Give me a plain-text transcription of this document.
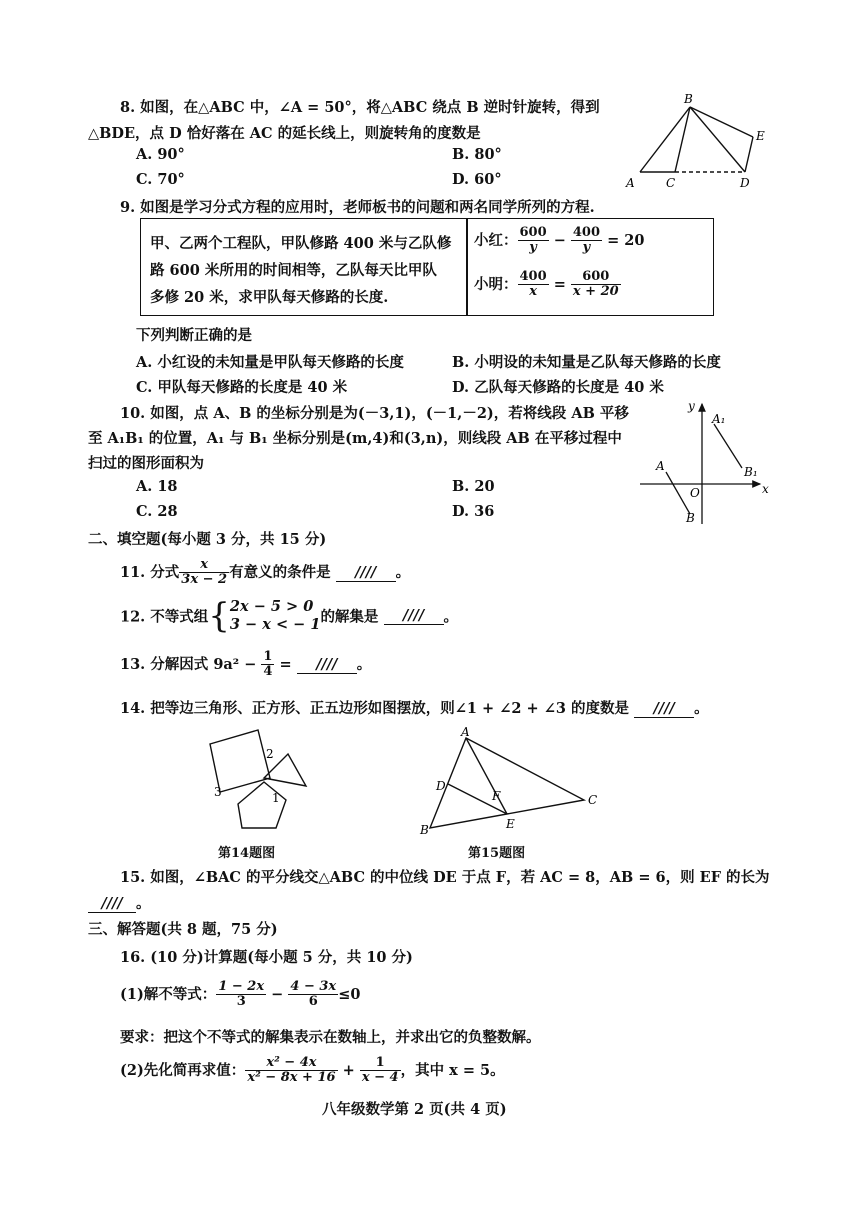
8. 如图，在△ABC 中，∠A = 50°，将△ABC 绕点 B 逆时针旋转，得到
△BDE，点 D 恰好落在 AC 的延长线上，则旋转角的度数是
A. 90°	B. 80°
C. 70°	D. 60°
B
E
A	C	D
9. 如图是学习分式方程的应用时，老师板书的问题和两名同学所列的方程.
甲、乙两个工程队，甲队修路 400 米与乙队修
路 600 米所用的时间相等，乙队每天比甲队
多修 20 米，求甲队每天修路的长度.
小红： $\frac{600}{y} - \frac{400}{y} = 20$
小明： $\frac{400}{x} = \frac{600}{x + 20}$
下列判断正确的是
A. 小红设的未知量是甲队每天修路的长度	B. 小明设的未知量是乙队每天修路的长度
C. 甲队每天修路的长度是 40 米	D. 乙队每天修路的长度是 40 米
10. 如图，点 A、B 的坐标分别是为(－3,1)，(－1,－2)，若将线段 AB 平移
至 A₁B₁ 的位置，A₁ 与 B₁ 坐标分别是(m,4)和(3,n)，则线段 AB 在平移过程中
扫过的图形面积为
A. 18	B. 20
C. 28	D. 36
y
x
O
A
B
A₁
B₁
二、填空题(每小题 3 分，共 15 分)
11. 分式 $\frac{x}{3x - 2}$ 有意义的条件是 //// 。
12. 不等式组{ 2x − 5 > 0
3 − x < − 1 的解集是 //// 。
13. 分解因式 $9a^2 - \frac{1}{4}$ = //// 。
14. 把等边三角形、正方形、正五边形如图摆放，则∠1 + ∠2 + ∠3 的度数是 //// 。
2
1
3
第14题图
A
D
F	C
B	E
第15题图
15. 如图，∠BAC 的平分线交△ABC 的中位线 DE 于点 F，若 AC = 8，AB = 6，则 EF 的长为
//// 。
三、解答题(共 8 题，75 分)
16. (10 分)计算题(每小题 5 分，共 10 分)
(1)解不等式： $\frac{1 - 2x}{3} - \frac{4 - 3x}{6} \le 0$
要求：把这个不等式的解集表示在数轴上，并求出它的负整数解。
(2)先化简再求值： $\frac{\text{x² − 4x}}{\text{x² − 8x + 16}} + \frac{1}{x - 4}$ ，其中 x = 5。
八年级数学第 2 页(共 4 页)
